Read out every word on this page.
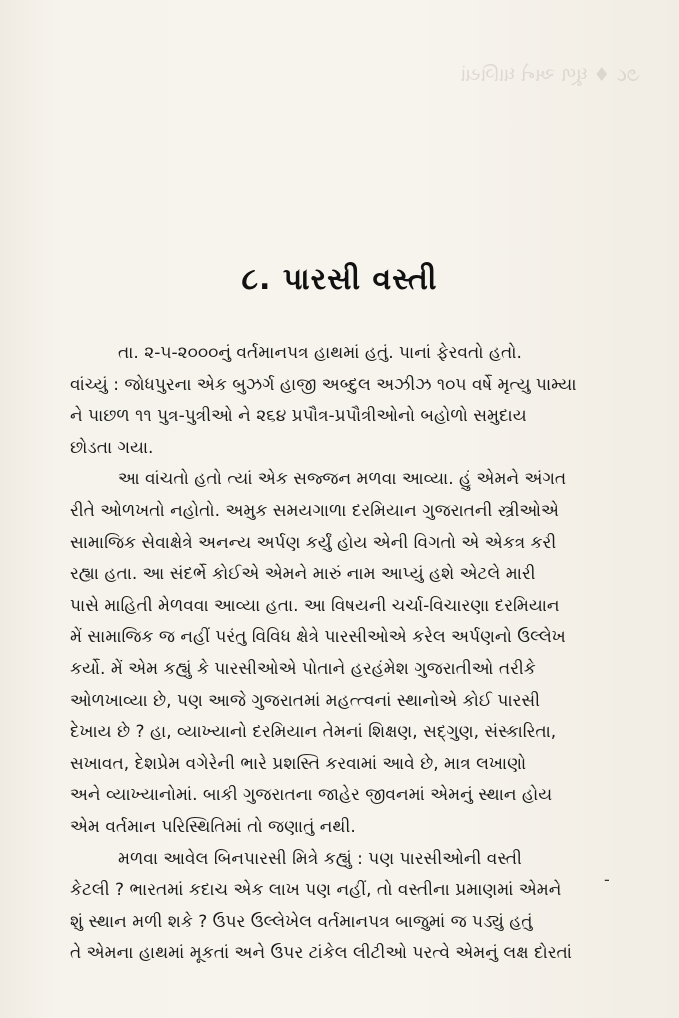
૭૮ ♦ ધૂળ અને ધાગિયાં
૮. પારસી વસ્તી
તા. ૨-૫-૨૦૦૦નું વર્તમાનપત્ર હાથમાં હતું. પાનાં ફેરવતો હતો.
વાંચ્યું : જોધપુરના એક બુઝર્ગ હાજી અબ્દુલ અઝીઝ ૧૦૫ વર્ષે મૃત્યુ પામ્યા
ને પાછળ ૧૧ પુત્ર-પુત્રીઓ ને ૨૬૪ પ્રપૌત્ર-પ્રપૌત્રીઓનો બહોળો સમુદાય
છોડતા ગયા.
આ વાંચતો હતો ત્યાં એક સજ્જન મળવા આવ્યા. હું એમને અંગત
રીતે ઓળખતો નહોતો. અમુક સમયગાળા દરમિયાન ગુજરાતની સ્ત્રીઓએ
સામાજિક સેવાક્ષેત્રે અનન્ય અર્પણ કર્યું હોય એની વિગતો એ એકત્ર કરી
રહ્યા હતા. આ સંદર્ભે કોઈએ એમને મારું નામ આપ્યું હશે એટલે મારી
પાસે માહિતી મેળવવા આવ્યા હતા. આ વિષયની ચર્ચા-વિચારણા દરમિયાન
મેં સામાજિક જ નહીં પરંતુ વિવિધ ક્ષેત્રે પારસીઓએ કરેલ અર્પણનો ઉલ્લેખ
કર્યો. મેં એમ કહ્યું કે પારસીઓએ પોતાને હરહંમેશ ગુજરાતીઓ તરીકે
ઓળખાવ્યા છે, પણ આજે ગુજરાતમાં મહત્ત્વનાં સ્થાનોએ કોઈ પારસી
દેખાય છે ? હા, વ્યાખ્યાનો દરમિયાન તેમનાં શિક્ષણ, સદ્ગુણ, સંસ્કારિતા,
સખાવત, દેશપ્રેમ વગેરેની ભારે પ્રશસ્તિ કરવામાં આવે છે, માત્ર લખાણો
અને વ્યાખ્યાનોમાં. બાકી ગુજરાતના જાહેર જીવનમાં એમનું સ્થાન હોય
એમ વર્તમાન પરિસ્થિતિમાં તો જણાતું નથી.
મળવા આવેલ બિનપારસી મિત્રે કહ્યું : પણ પારસીઓની વસ્તી
કેટલી ? ભારતમાં કદાચ એક લાખ પણ નહીં, તો વસ્તીના પ્રમાણમાં એમને
શું સ્થાન મળી શકે ? ઉપર ઉલ્લેખેલ વર્તમાનપત્ર બાજુમાં જ પડ્યું હતું
તે એમના હાથમાં મૂકતાં અને ઉપર ટાંકેલ લીટીઓ પરત્વે એમનું લક્ષ દોરતાં
-
